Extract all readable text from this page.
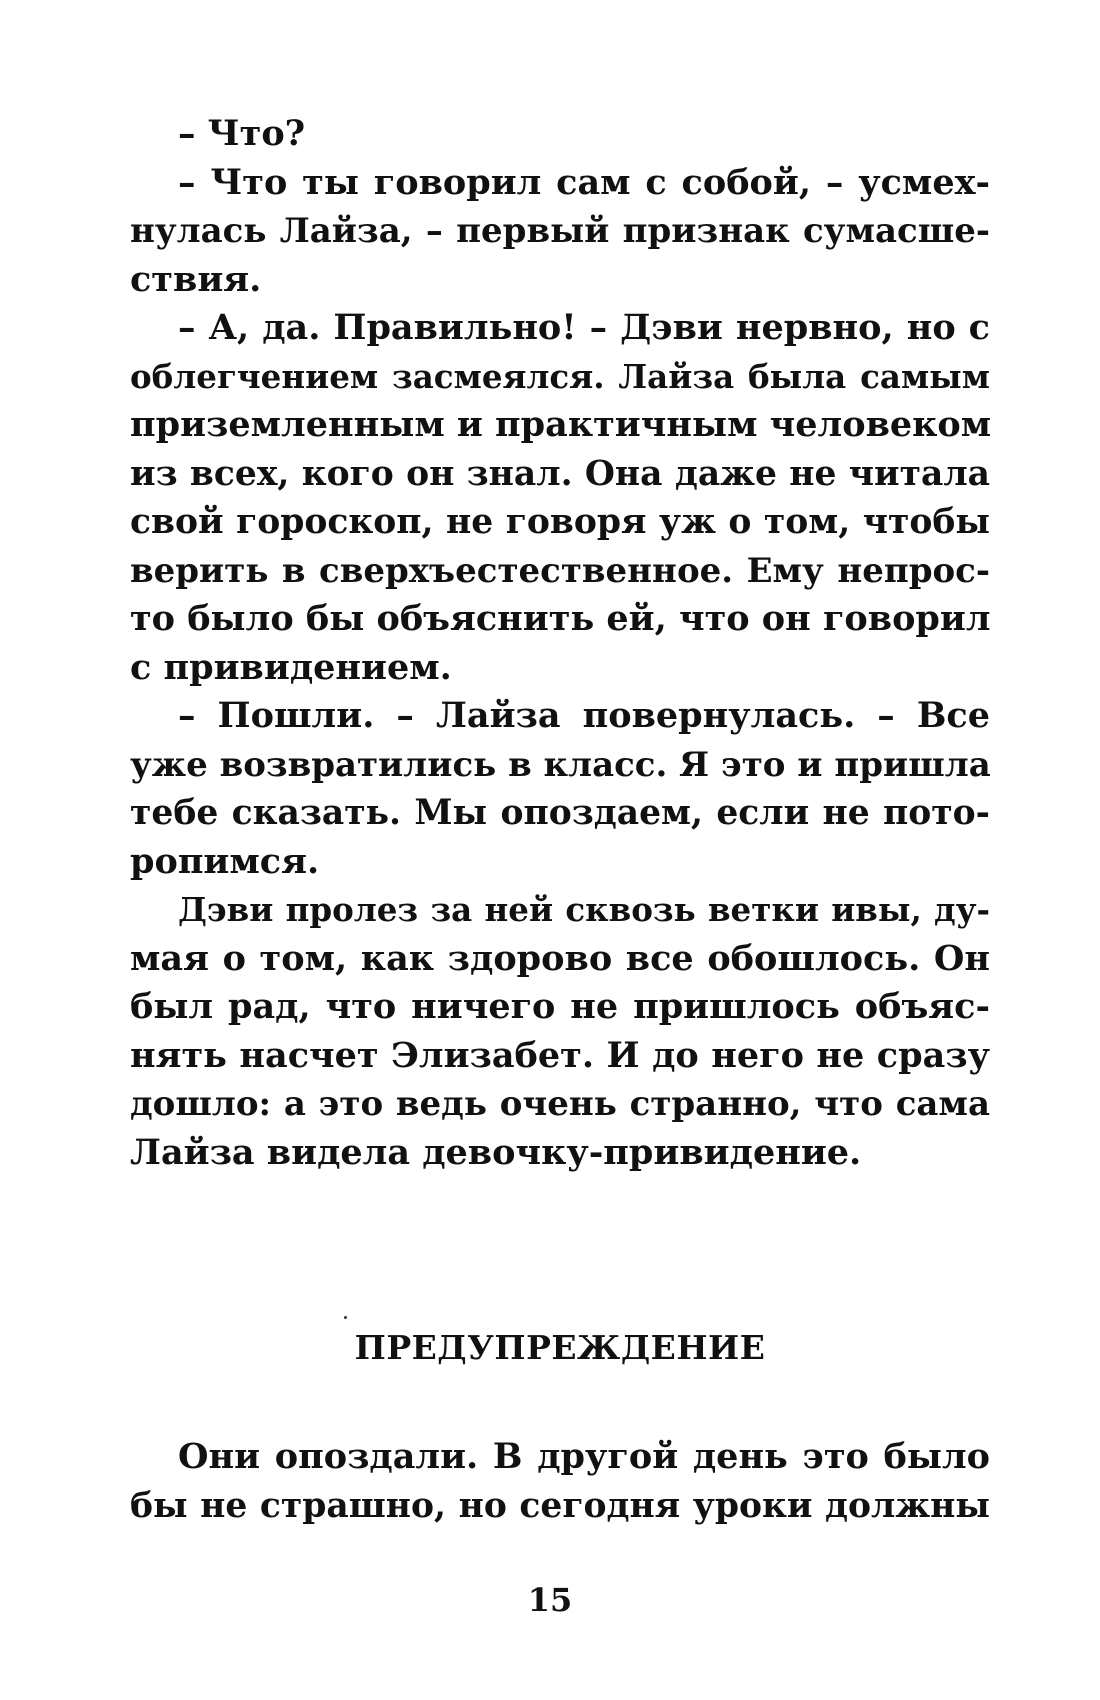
– Что?
– Что ты говорил сам с собой, – усмех-
нулась Лайза, – первый признак сумасше-
ствия.
– А, да. Правильно! – Дэви нервно, но с
облегчением засмеялся. Лайза была самым
приземленным и практичным человеком
из всех, кого он знал. Она даже не читала
свой гороскоп, не говоря уж о том, чтобы
верить в сверхъестественное. Ему непрос-
то было бы объяснить ей, что он говорил
с привидением.
– Пошли. – Лайза повернулась. – Все
уже возвратились в класс. Я это и пришла
тебе сказать. Мы опоздаем, если не пото-
ропимся.
Дэви пролез за ней сквозь ветки ивы, ду-
мая о том, как здорово все обошлось. Он
был рад, что ничего не пришлось объяс-
нять насчет Элизабет. И до него не сразу
дошло: а это ведь очень странно, что сама
Лайза видела девочку-привидение.
ПРЕДУПРЕЖДЕНИЕ
Они опоздали. В другой день это было
бы не страшно, но сегодня уроки должны
15
